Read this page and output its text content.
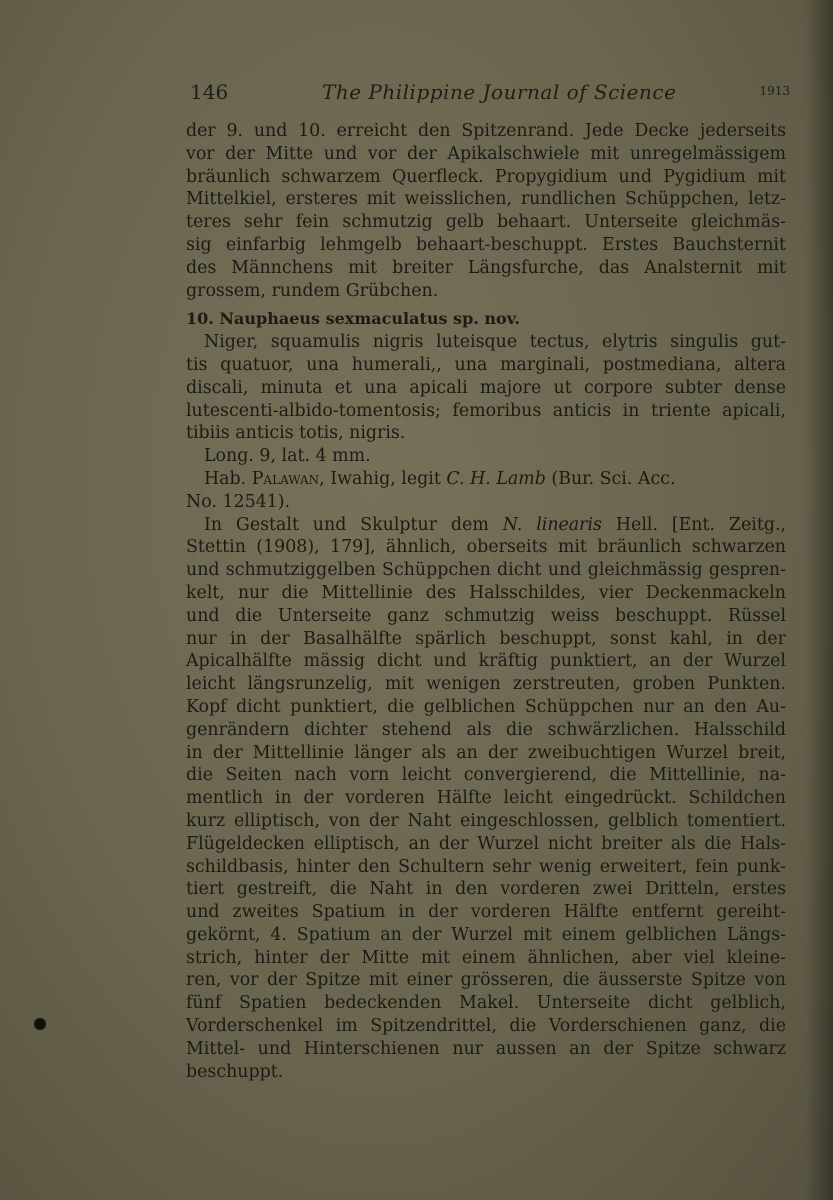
146	The Philippine Journal of Science	1913
der 9. und 10. erreicht den Spitzenrand. Jede Decke jederseits
vor der Mitte und vor der Apikalschwiele mit unregelmässigem
bräunlich schwarzem Querfleck. Propygidium und Pygidium mit
Mittelkiel, ersteres mit weisslichen, rundlichen Schüppchen, letz-
teres sehr fein schmutzig gelb behaart. Unterseite gleichmäs-
sig einfarbig lehmgelb behaart-beschuppt. Erstes Bauchsternit
des Männchens mit breiter Längsfurche, das Analsternit mit
grossem, rundem Grübchen.
10. Nauphaeus sexmaculatus sp. nov.
Niger, squamulis nigris luteisque tectus, elytris singulis gut-
tis quatuor, una humerali,, una marginali, postmediana, altera
discali, minuta et una apicali majore ut corpore subter dense
lutescenti-albido-tomentosis; femoribus anticis in triente apicali,
tibiis anticis totis, nigris.
Long. 9, lat. 4 mm.
Hab. Palawan, Iwahig, legit C. H. Lamb (Bur. Sci. Acc.
No. 12541).
In Gestalt und Skulptur dem N. linearis Hell. [Ent. Zeitg.,
Stettin (1908), 179], ähnlich, oberseits mit bräunlich schwarzen
und schmutziggelben Schüppchen dicht und gleichmässig gespren-
kelt, nur die Mittellinie des Halsschildes, vier Deckenmackeln
und die Unterseite ganz schmutzig weiss beschuppt. Rüssel
nur in der Basalhälfte spärlich beschuppt, sonst kahl, in der
Apicalhälfte mässig dicht und kräftig punktiert, an der Wurzel
leicht längsrunzelig, mit wenigen zerstreuten, groben Punkten.
Kopf dicht punktiert, die gelblichen Schüppchen nur an den Au-
genrändern dichter stehend als die schwärzlichen. Halsschild
in der Mittellinie länger als an der zweibuchtigen Wurzel breit,
die Seiten nach vorn leicht convergierend, die Mittellinie, na-
mentlich in der vorderen Hälfte leicht eingedrückt. Schildchen
kurz elliptisch, von der Naht eingeschlossen, gelblich tomentiert.
Flügeldecken elliptisch, an der Wurzel nicht breiter als die Hals-
schildbasis, hinter den Schultern sehr wenig erweitert, fein punk-
tiert gestreift, die Naht in den vorderen zwei Dritteln, erstes
und zweites Spatium in der vorderen Hälfte entfernt gereiht-
gekörnt, 4. Spatium an der Wurzel mit einem gelblichen Längs-
strich, hinter der Mitte mit einem ähnlichen, aber viel kleine-
ren, vor der Spitze mit einer grösseren, die äusserste Spitze von
fünf Spatien bedeckenden Makel. Unterseite dicht gelblich,
Vorderschenkel im Spitzendrittel, die Vorderschienen ganz, die
Mittel- und Hinterschienen nur aussen an der Spitze schwarz
beschuppt.
